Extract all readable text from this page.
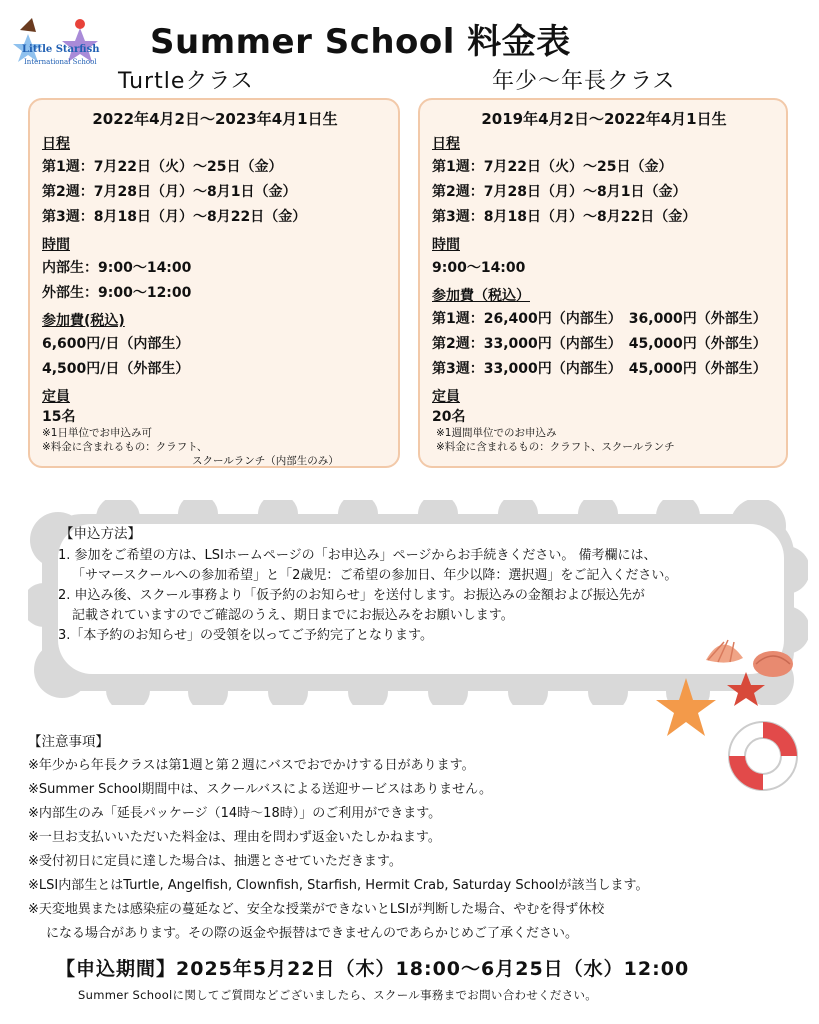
Little Starfish
International School Summer School 料金表
Turtleクラス	年少～年長クラス
2022年4月2日～2023年4月1日生
日程
第1週：7月22日（火）～25日（金）
第2週：7月28日（月）～8月1日（金）
第3週：8月18日（月）～8月22日（金）
時間
内部生：9:00～14:00
外部生：9:00～12:00
参加費(税込)
6,600円/日（内部生）
4,500円/日（外部生）
定員
15名
※1日単位でお申込み可
※料金に含まれるもの：クラフト、
スクールランチ（内部生のみ）
2019年4月2日～2022年4月1日生
日程
第1週：7月22日（火）～25日（金）
第2週：7月28日（月）～8月1日（金）
第3週：8月18日（月）～8月22日（金）
時間
9:00～14:00
参加費（税込）
第1週：26,400円（内部生）　36,000円（外部生）
第2週：33,000円（内部生）　45,000円（外部生）
第3週：33,000円（内部生）　45,000円（外部生）
定員
20名
※1週間単位でのお申込み
※料金に含まれるもの：クラフト、スクールランチ
【申込方法】
1. 参加をご希望の方は、LSIホームページの「お申込み」ページからお手続きください。 備考欄には、
「サマースクールへの参加希望」と「2歳児：ご希望の参加日、年少以降：選択週」をご記入ください。
2. 申込み後、スクール事務より「仮予約のお知らせ」を送付します。お振込みの金額および振込先が
記載されていますのでご確認のうえ、期日までにお振込みをお願いします。
3.「本予約のお知らせ」の受領を以ってご予約完了となります。
【注意事項】
※年少から年長クラスは第1週と第２週にバスでおでかけする日があります。
※Summer School期間中は、スクールバスによる送迎サービスはありません。
※内部生のみ「延長パッケージ（14時～18時）」のご利用ができます。
※一旦お支払いいただいた料金は、理由を問わず返金いたしかねます。
※受付初日に定員に達した場合は、抽選とさせていただきます。
※LSI内部生とはTurtle, Angelfish, Clownfish, Starfish, Hermit Crab, Saturday Schoolが該当します。
※天変地異または感染症の蔓延など、安全な授業ができないとLSIが判断した場合、やむを得ず休校
になる場合があります。その際の返金や振替はできませんのであらかじめご了承ください。
【申込期間】2025年5月22日（木）18:00～6月25日（水）12:00
Summer Schoolに関してご質問などございましたら、スクール事務までお問い合わせください。
